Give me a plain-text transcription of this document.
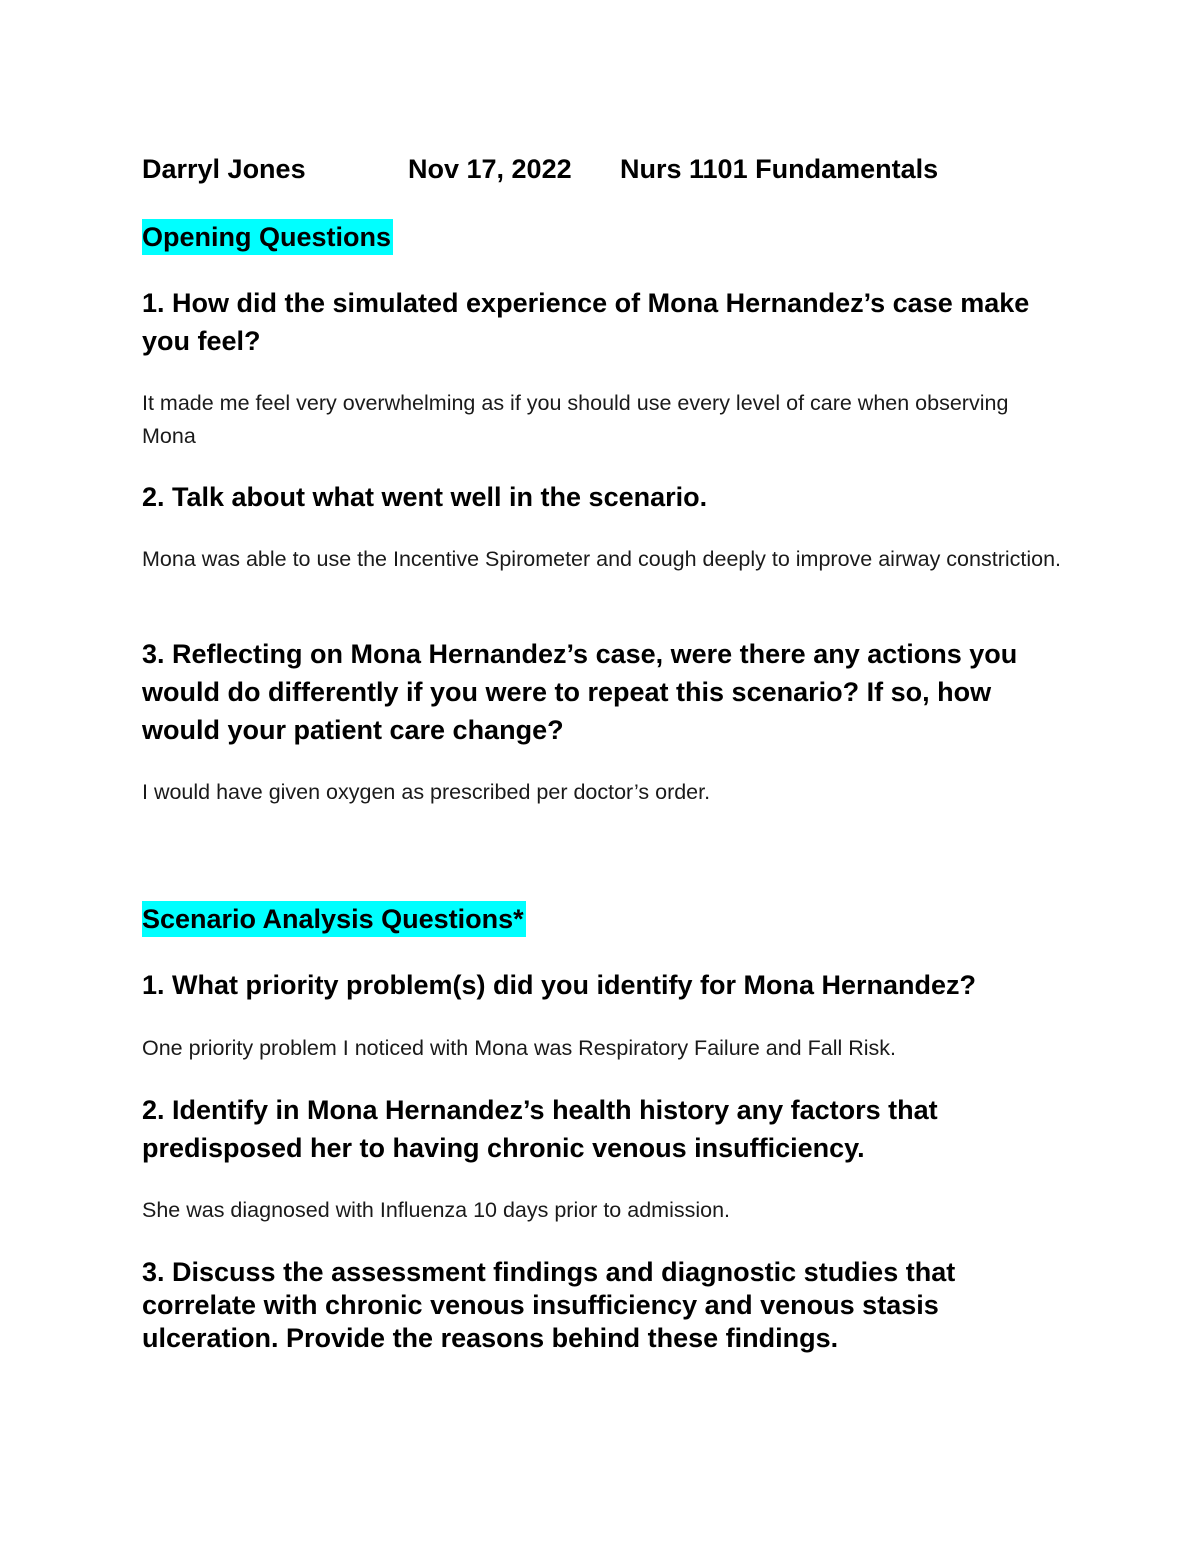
Darryl Jones	Nov 17, 2022 Nurs 1101 Fundamentals
Opening Questions
1. How did the simulated experience of Mona Hernandez’s case make you feel?
It made me feel very overwhelming as if you should use every level of care when observing Mona
2. Talk about what went well in the scenario.
Mona was able to use the Incentive Spirometer and cough deeply to improve airway constriction.
3. Reflecting on Mona Hernandez’s case, were there any actions you would do differently if you were to repeat this scenario? If so, how would your patient care change?
I would have given oxygen as prescribed per doctor’s order.
Scenario Analysis Questions*
1. What priority problem(s) did you identify for Mona Hernandez?
One priority problem I noticed with Mona was Respiratory Failure and Fall Risk.
2. Identify in Mona Hernandez’s health history any factors that predisposed her to having chronic venous insufficiency.
She was diagnosed with Influenza 10 days prior to admission.
3. Discuss the assessment findings and diagnostic studies that correlate with chronic venous insufficiency and venous stasis ulceration. Provide the reasons behind these findings.
